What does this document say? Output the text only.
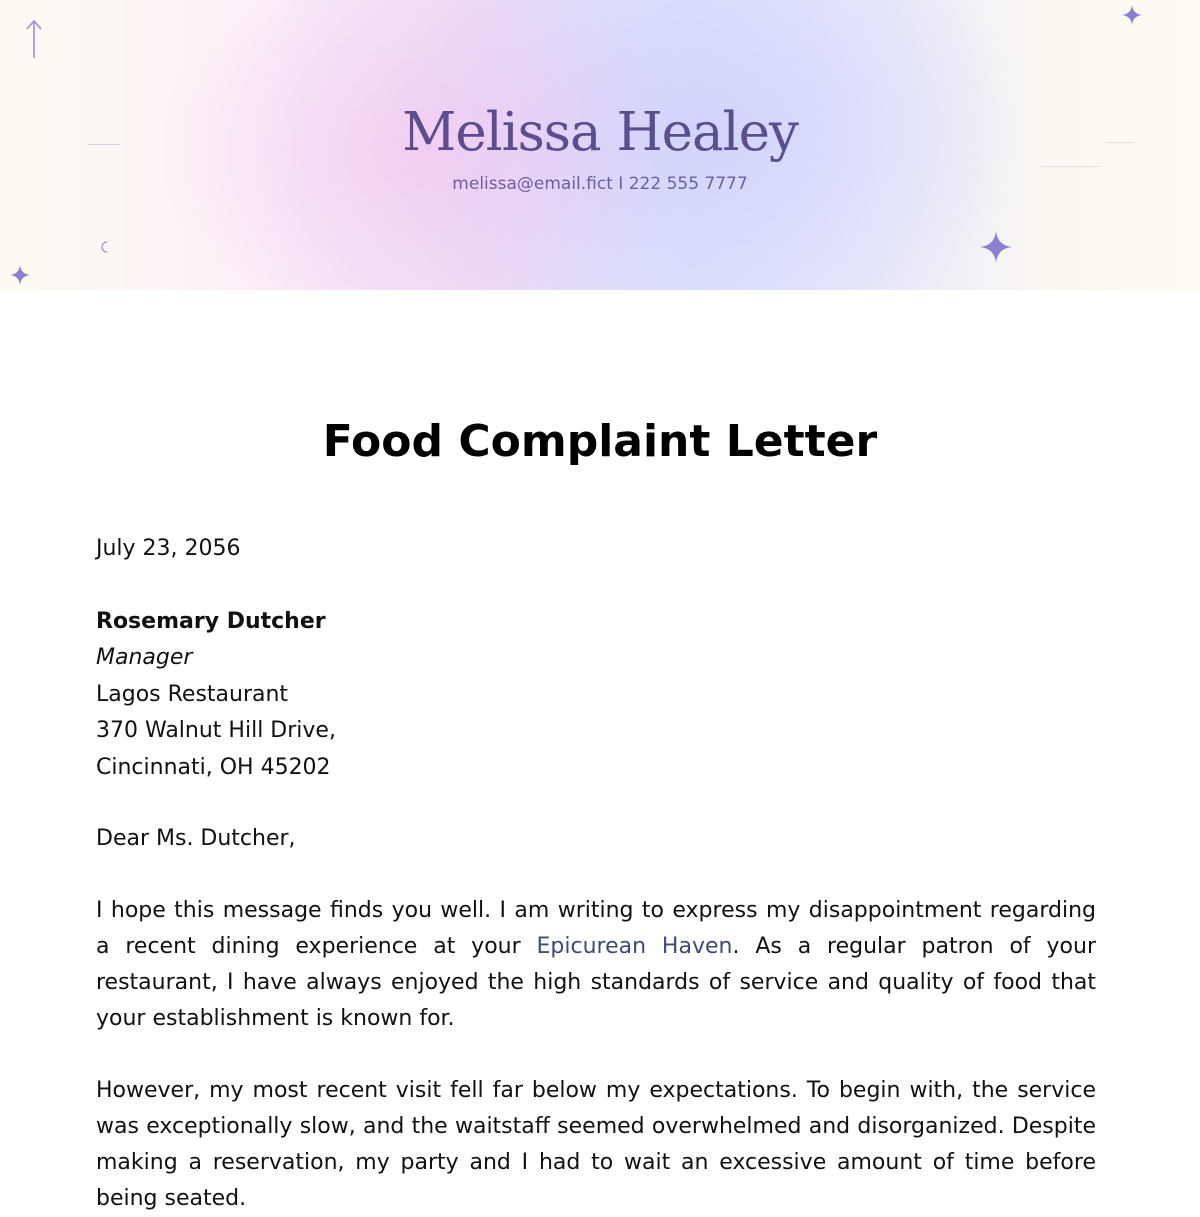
Melissa Healey
melissa@email.fict I 222 555 7777
Food Complaint Letter
July 23, 2056
Rosemary Dutcher
Manager
Lagos Restaurant
370 Walnut Hill Drive,
Cincinnati, OH 45202
Dear Ms. Dutcher,
I hope this message finds you well. I am writing to express my disappointment regarding a recent dining experience at your Epicurean Haven. As a regular patron of your restaurant, I have always enjoyed the high standards of service and quality of food that your establishment is known for.
However, my most recent visit fell far below my expectations. To begin with, the service was exceptionally slow, and the waitstaff seemed overwhelmed and disorganized. Despite making a reservation, my party and I had to wait an excessive amount of time before being seated.
